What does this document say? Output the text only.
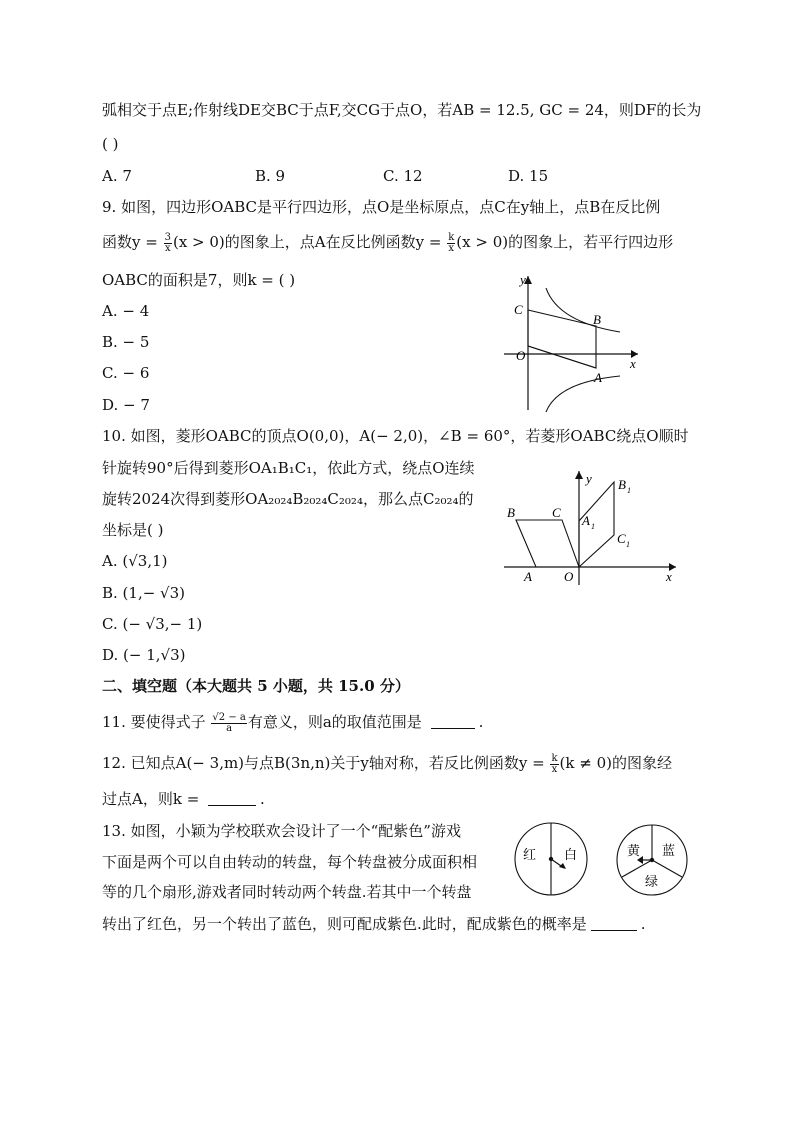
弧相交于点E;作射线DE交BC于点F,交CG于点O，若AB = 12.5, GC = 24，则DF的长为
( )
A. 7	B. 9	C. 12	D. 15
9. 如图，四边形OABC是平行四边形，点O是坐标原点，点C在y轴上，点B在反比例
函数$y = \frac{3}{x} (x > 0)$的图象上，点A在反比例函数$y = \frac{k}{x} (x > 0)$的图象上，若平行四边形
OABC的面积是7，则k = ( )
A. − 4
B. − 5
C. − 6
D. − 7
y
x
C
B
O
A
10. 如图，菱形OABC的顶点O(0,0)，A(− 2,0)，∠B = 60°，若菱形OABC绕点O顺时
针旋转90°后得到菱形OA₁B₁C₁，依此方式，绕点O连续
旋转2024次得到菱形OA₂₀₂₄B₂₀₂₄C₂₀₂₄，那么点C₂₀₂₄的
坐标是( )
A. (√3,1)
B. (1,− √3)
C. (− √3,− 1)
D. (− 1,√3)
y
x
B	C
A O
A 1
B 1
C 1
二、填空题（本大题共 5 小题，共 15.0 分）
11. 要使得式子 $\frac{√2 - a}{a}$ 有意义，则a的取值范围是	.
12. 已知点A(− 3,m)与点B(3n,n)关于y轴对称，若反比例函数$y = \frac{k}{x} (k \ne 0)$的图象经
过点A，则k =	.
13. 如图，小颖为学校联欢会设计了一个“配紫色”游戏
下面是两个可以自由转动的转盘，每个转盘被分成面积相
等的几个扇形,游戏者同时转动两个转盘.若其中一个转盘
转出了红色，另一个转出了蓝色，则可配成紫色.此时，配成紫色的概率是	.
红 白	黄 蓝
绿
